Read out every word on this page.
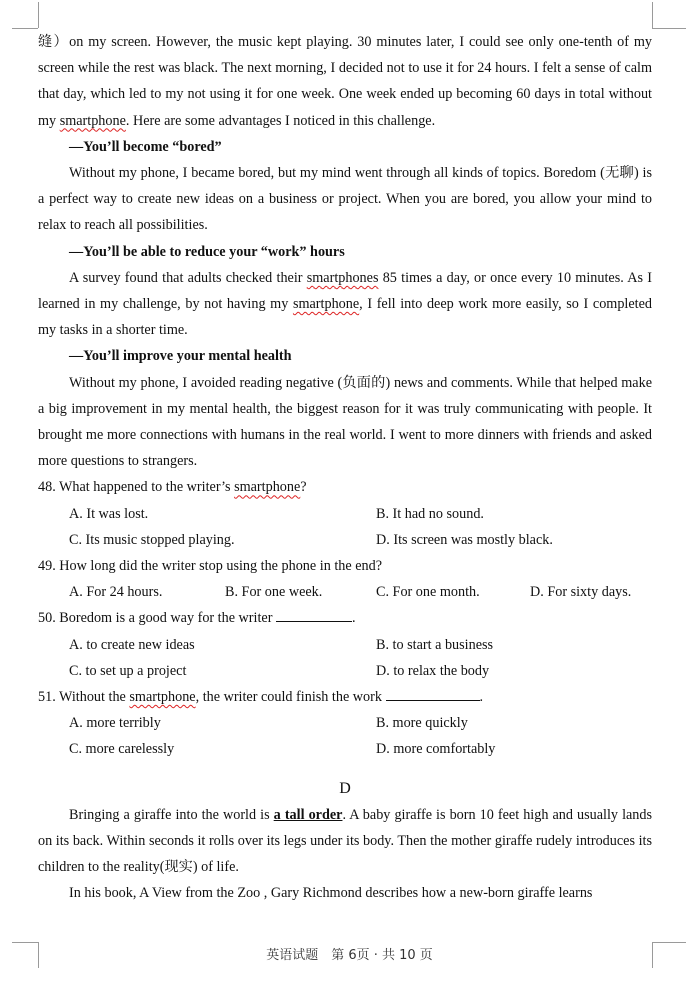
缝）on my screen. However, the music kept playing. 30 minutes later, I could see only one-tenth of my screen while the rest was black. The next morning, I decided not to use it for 24 hours. I felt a sense of calm that day, which led to my not using it for one week. One week ended up becoming 60 days in total without my smartphone. Here are some advantages I noticed in this challenge.

—You’ll become “bored”

Without my phone, I became bored, but my mind went through all kinds of topics. Boredom (无聊) is a perfect way to create new ideas on a business or project. When you are bored, you allow your mind to relax to reach all possibilities.

—You’ll be able to reduce your “work” hours

A survey found that adults checked their smartphones 85 times a day, or once every 10 minutes. As I learned in my challenge, by not having my smartphone, I fell into deep work more easily, so I completed my tasks in a shorter time.

—You’ll improve your mental health

Without my phone, I avoided reading negative (负面的) news and comments. While that helped make a big improvement in my mental health, the biggest reason for it was truly communicating with people. It brought me more connections with humans in the real world. I went to more dinners with friends and asked more questions to strangers.

48. What happened to the writer’s smartphone?

A. It was lost.	B. It had no sound.
C. Its music stopped playing.	D. Its screen was mostly black.

49. How long did the writer stop using the phone in the end?

A. For 24 hours.	B. For one week.	C. For one month.	D. For sixty days.

50. Boredom is a good way for the writer	.

A. to create new ideas	B. to start a business
C. to set up a project	D. to relax the body

51. Without the smartphone, the writer could finish the work	.

A. more terribly	B. more quickly
C. more carelessly	D. more comfortably
D

Bringing a giraffe into the world is a tall order. A baby giraffe is born 10 feet high and usually lands on its back. Within seconds it rolls over its legs under its body. Then the mother giraffe rudely introduces its children to the reality(现实) of life.

In his book, A View from the Zoo , Gary Richmond describes how a new-born giraffe learns

英语试题　第 6页 · 共 10 页
